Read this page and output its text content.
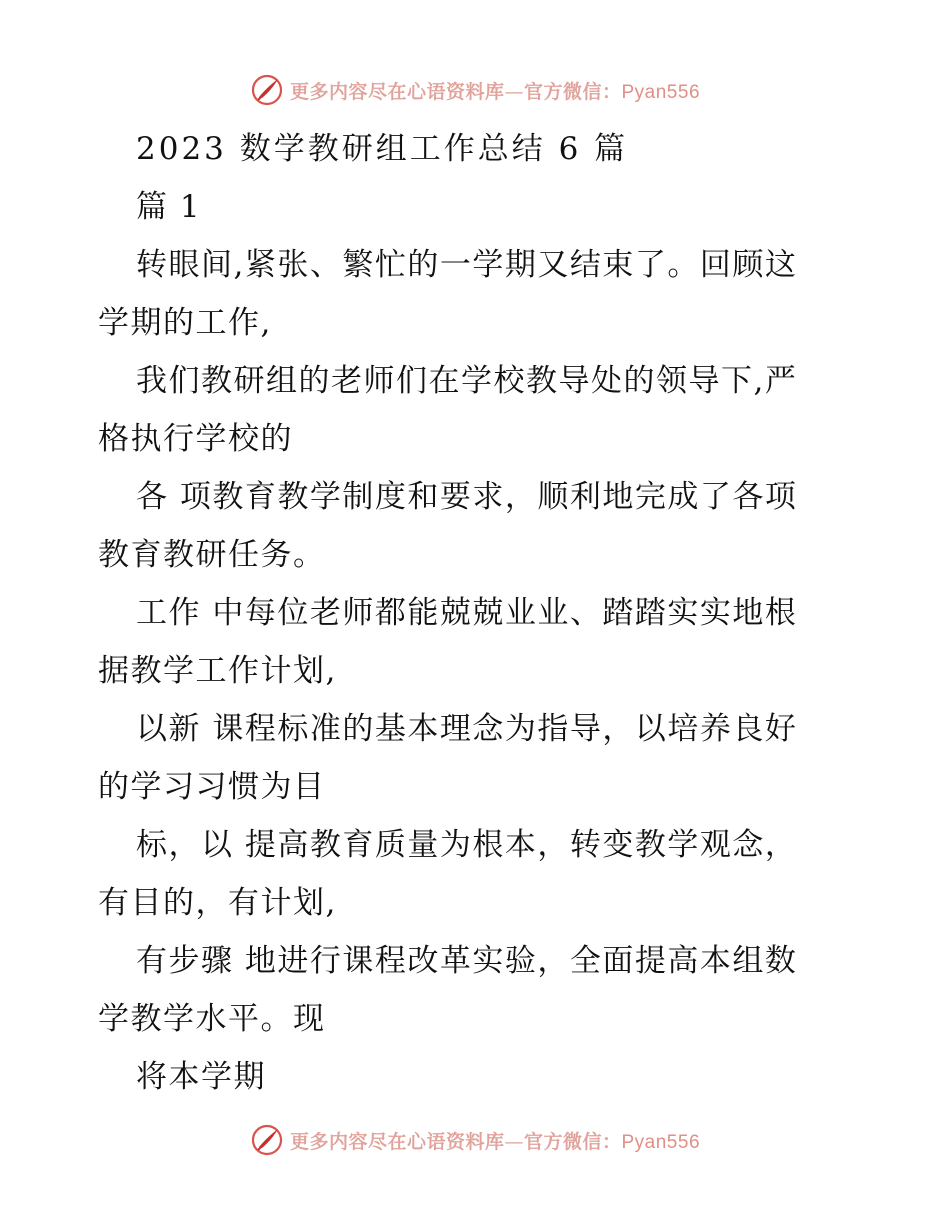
更多内容尽在心语资料库—官方微信：Pyan556
2023 数学教研组工作总结 6 篇
篇 1
转眼间,紧张、繁忙的一学期又结束了。回顾这
学期的工作,
我们教研组的老师们在学校教导处的领导下,严
格执行学校的
各 项教育教学制度和要求，顺利地完成了各项
教育教研任务。
工作 中每位老师都能兢兢业业、踏踏实实地根
据教学工作计划,
以新 课程标准的基本理念为指导，以培养良好
的学习习惯为目
标，以 提高教育质量为根本，转变教学观念，
有目的，有计划,
有步骤 地进行课程改革实验，全面提高本组数
学教学水平。现
将本学期
更多内容尽在心语资料库—官方微信：Pyan556
